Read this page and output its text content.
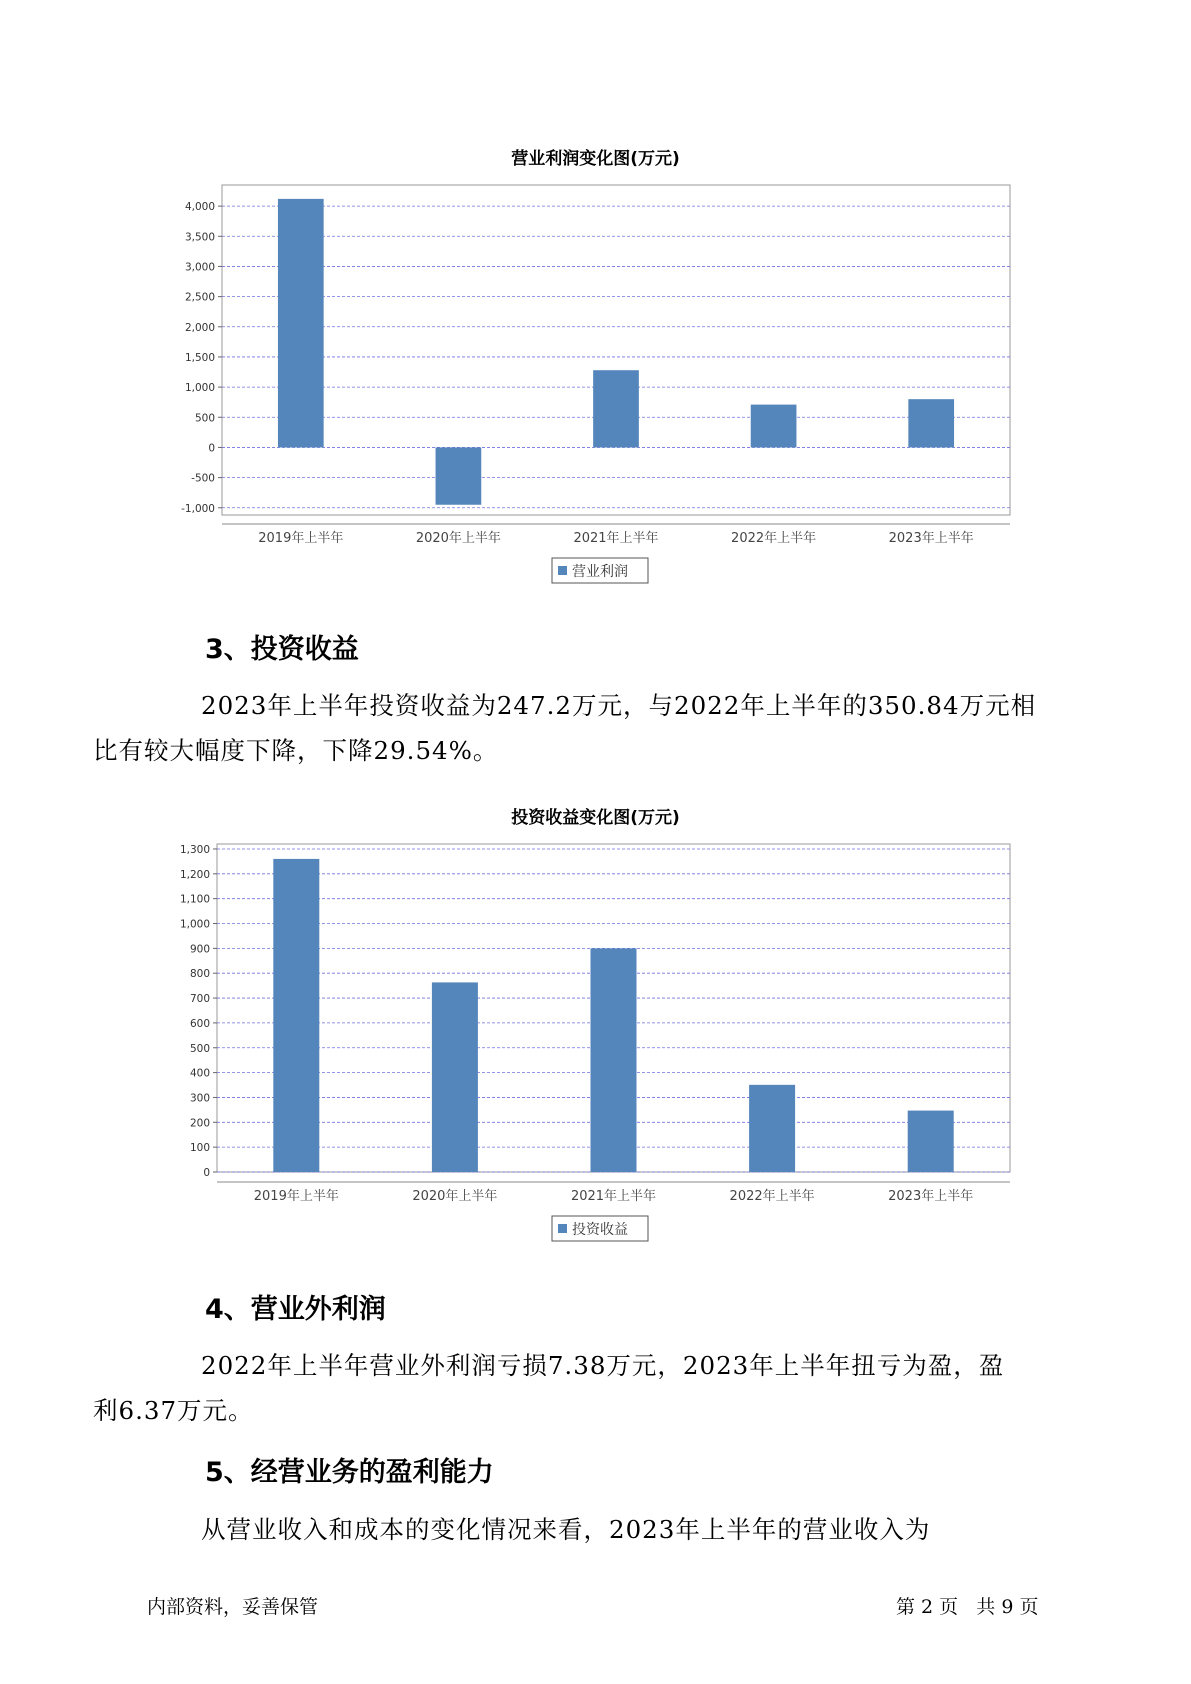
营业利润变化图(万元)
4,000
3,500
3,000
2,500
2,000
1,500
1,000
500
0
-500
-1,000
2019年上半年	2020年上半年	2021年上半年	2022年上半年	2023年上半年
营业利润
3、投资收益

2023年上半年投资收益为247.2万元，与2022年上半年的350.84万元相
比有较大幅度下降，下降29.54%。

投资收益变化图(万元)
1,300
1,200
1,100
1,000
900
800
700
600
500
400
300
200
100
0
2019年上半年	2020年上半年	2021年上半年	2022年上半年	2023年上半年
投资收益
4、营业外利润

2022年上半年营业外利润亏损7.38万元，2023年上半年扭亏为盈，盈
利6.37万元。

5、经营业务的盈利能力

从营业收入和成本的变化情况来看，2023年上半年的营业收入为

内部资料，妥善保管	第 2 页   共 9 页
